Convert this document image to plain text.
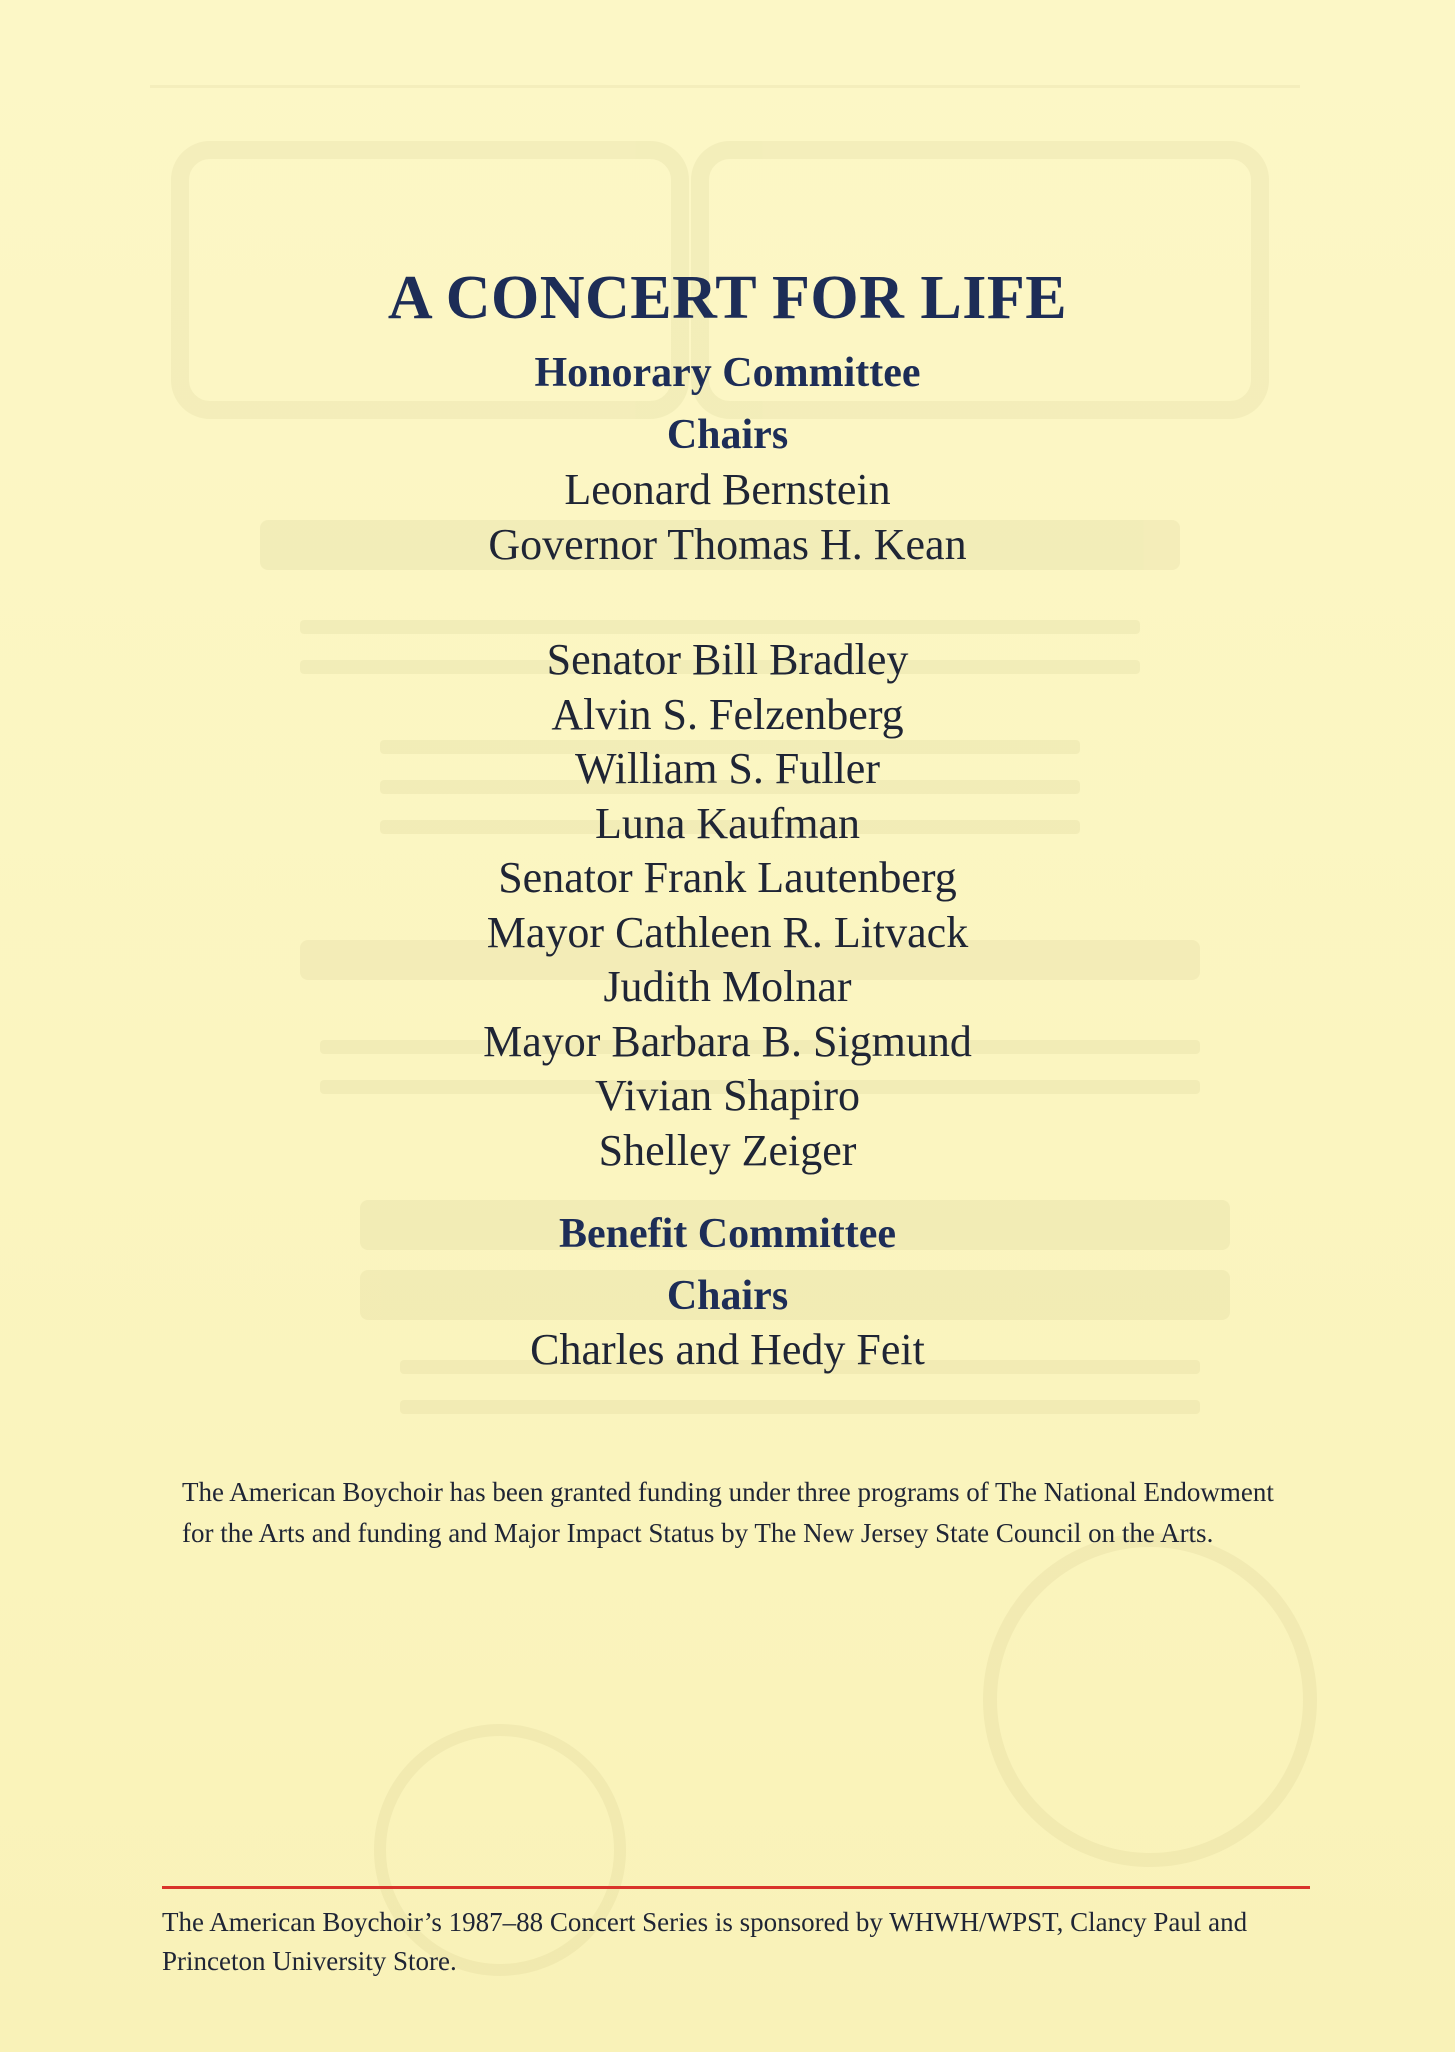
A CONCERT FOR LIFE
Honorary Committee
Chairs
Leonard Bernstein
Governor Thomas H. Kean
Senator Bill Bradley
Alvin S. Felzenberg
William S. Fuller
Luna Kaufman
Senator Frank Lautenberg
Mayor Cathleen R. Litvack
Judith Molnar
Mayor Barbara B. Sigmund
Vivian Shapiro
Shelley Zeiger
Benefit Committee
Chairs
Charles and Hedy Feit
The American Boychoir has been granted funding under three programs of The National Endowment for the Arts and funding and Major Impact Status by The New Jersey State Council on the Arts.
The American Boychoir’s 1987–88 Concert Series is sponsored by WHWH/WPST, Clancy Paul and Princeton University Store.
